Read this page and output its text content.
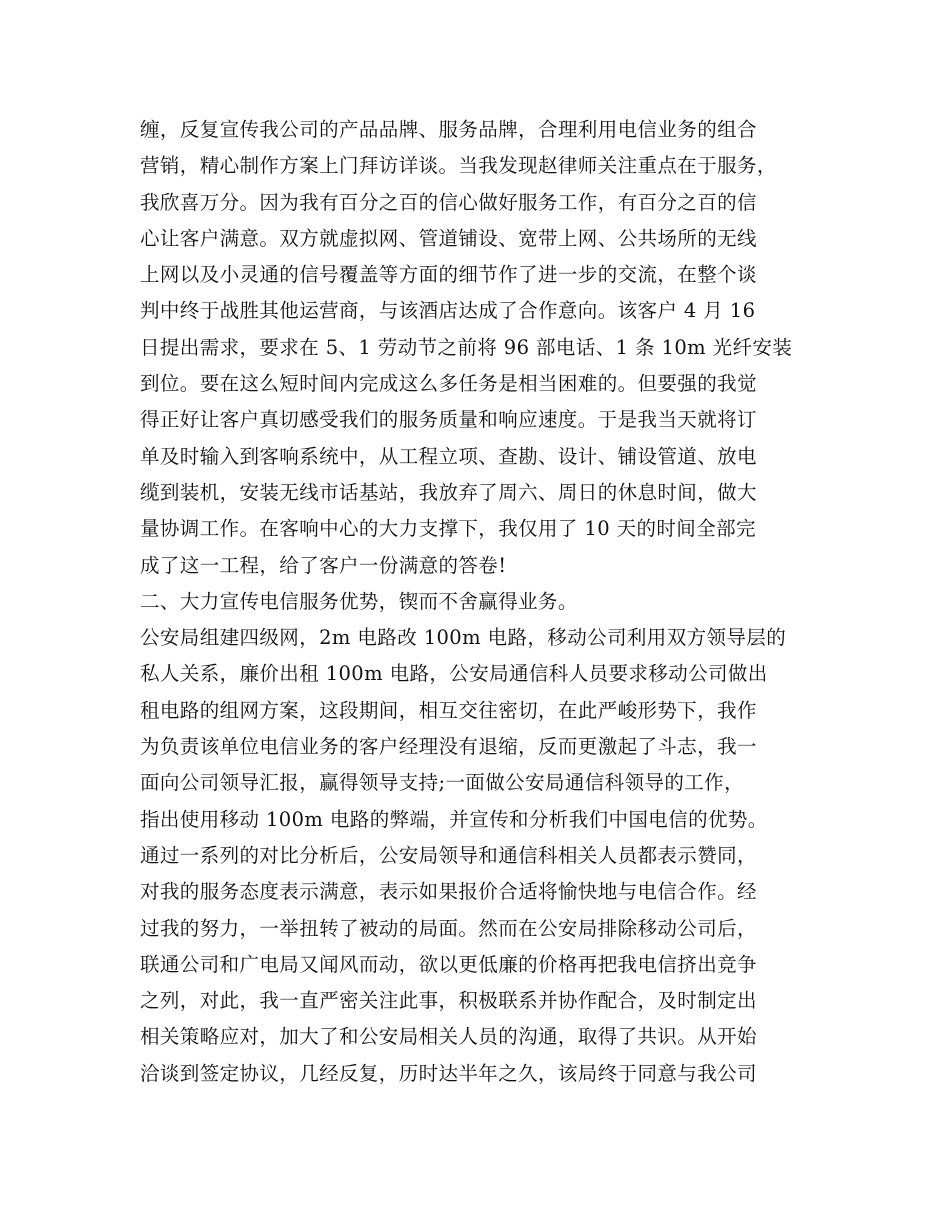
缠，反复宣传我公司的产品品牌、服务品牌，合理利用电信业务的组合
营销，精心制作方案上门拜访详谈。当我发现赵律师关注重点在于服务，
我欣喜万分。因为我有百分之百的信心做好服务工作，有百分之百的信
心让客户满意。双方就虚拟网、管道铺设、宽带上网、公共场所的无线
上网以及小灵通的信号覆盖等方面的细节作了进一步的交流，在整个谈
判中终于战胜其他运营商，与该酒店达成了合作意向。该客户 4 月 16
日提出需求，要求在 5、1 劳动节之前将 96 部电话、1 条 10m 光纤安装
到位。要在这么短时间内完成这么多任务是相当困难的。但要强的我觉
得正好让客户真切感受我们的服务质量和响应速度。于是我当天就将订
单及时输入到客响系统中，从工程立项、查勘、设计、铺设管道、放电
缆到装机，安装无线市话基站，我放弃了周六、周日的休息时间，做大
量协调工作。在客响中心的大力支撑下，我仅用了 10 天的时间全部完
成了这一工程，给了客户一份满意的答卷!
二、大力宣传电信服务优势，锲而不舍赢得业务。
公安局组建四级网，2m 电路改 100m 电路，移动公司利用双方领导层的
私人关系，廉价出租 100m 电路，公安局通信科人员要求移动公司做出
租电路的组网方案，这段期间，相互交往密切，在此严峻形势下，我作
为负责该单位电信业务的客户经理没有退缩，反而更激起了斗志，我一
面向公司领导汇报，赢得领导支持;一面做公安局通信科领导的工作，
指出使用移动 100m 电路的弊端，并宣传和分析我们中国电信的优势。
通过一系列的对比分析后，公安局领导和通信科相关人员都表示赞同，
对我的服务态度表示满意，表示如果报价合适将愉快地与电信合作。经
过我的努力，一举扭转了被动的局面。然而在公安局排除移动公司后，
联通公司和广电局又闻风而动，欲以更低廉的价格再把我电信挤出竞争
之列，对此，我一直严密关注此事，积极联系并协作配合，及时制定出
相关策略应对，加大了和公安局相关人员的沟通，取得了共识。从开始
洽谈到签定协议，几经反复，历时达半年之久，该局终于同意与我公司
